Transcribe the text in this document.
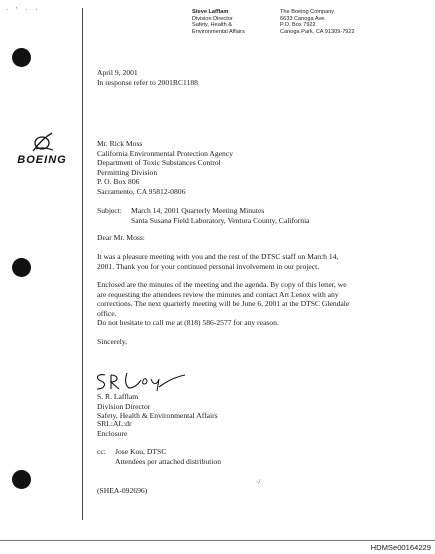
· ' · ·
BOEING
Steve Lafflam
Division Director
Safety, Health &
Environmental Affairs
The Boeing Company
6633 Canoga Ave.
P.O. Box 7922
Canoga Park, CA 91309-7922
April 9, 2001
In response refer to 2001RC1188
Mr. Rick Moss
California Environmental Protection Agency
Department of Toxic Substances Control
Permitting Division
P. O. Box 806
Sacramento, CA 95812-0806
Subject: March 14, 2001 Quarterly Meeting Minutes
Santa Susana Field Laboratory, Ventura County, California
Dear Mr. Moss:
It was a pleasure meeting with you and the rest of the DTSC staff on March 14,
2001. Thank you for your continued personal involvement in our project.
Enclosed are the minutes of the meeting and the agenda. By copy of this letter, we
are requesting the attendees review the minutes and contact Art Lenox with any
corrections. The next quarterly meeting will be June 6, 2001 at the DTSC Glendale
office.
Do not hesitate to call me at (818) 586-2577 for any reason.
Sincerely,
S. R. Lafflam
Division Director
Safety, Health & Environmental Affairs
SRL:AL:dr
Enclosure
cc: Jose Kou, DTSC
Attendees per attached distribution
(SHEA-092696)
·/
HDMSe00164229
